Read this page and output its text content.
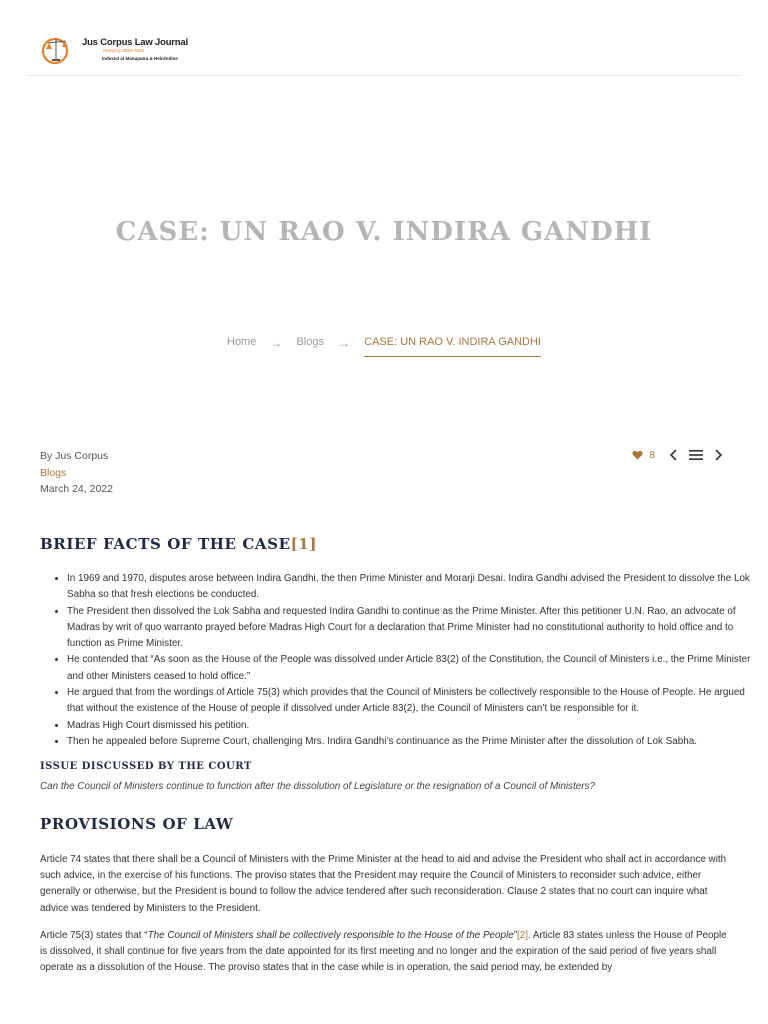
Jus Corpus Law Journal
ISSN(O): 2582-7820
Indexed at Manupatra & HeinOnline
CASE: UN RAO V. INDIRA GANDHI
Home → Blogs → CASE: UN RAO V. INDIRA GANDHI
By Jus Corpus
Blogs
March 24, 2022
8
BRIEF FACTS OF THE CASE[1]
• In 1969 and 1970, disputes arose between Indira Gandhi, the then Prime Minister and Morarji Desai. Indira Gandhi advised the President to dissolve the Lok Sabha so that fresh elections be conducted.
• The President then dissolved the Lok Sabha and requested Indira Gandhi to continue as the Prime Minister. After this petitioner U.N. Rao, an advocate of Madras by writ of quo warranto prayed before Madras High Court for a declaration that Prime Minister had no constitutional authority to hold office and to function as Prime Minister.
• He contended that “As soon as the House of the People was dissolved under Article 83(2) of the Constitution, the Council of Ministers i.e., the Prime Minister and other Ministers ceased to hold office.”
• He argued that from the wordings of Article 75(3) which provides that the Council of Ministers be collectively responsible to the House of People. He argued that without the existence of the House of people if dissolved under Article 83(2), the Council of Ministers can’t be responsible for it.
• Madras High Court dismissed his petition.
• Then he appealed before Supreme Court, challenging Mrs. Indira Gandhi’s continuance as the Prime Minister after the dissolution of Lok Sabha.
ISSUE DISCUSSED BY THE COURT
Can the Council of Ministers continue to function after the dissolution of Legislature or the resignation of a Council of Ministers?
PROVISIONS OF LAW

Article 74 states that there shall be a Council of Ministers with the Prime Minister at the head to aid and advise the President who shall act in accordance with such advice, in the exercise of his functions. The proviso states that the President may require the Council of Ministers to reconsider such advice, either generally or otherwise, but the President is bound to follow the advice tendered after such reconsideration. Clause 2 states that no court can inquire what advice was tendered by Ministers to the President.

Article 75(3) states that “The Council of Ministers shall be collectively responsible to the House of the People”[2]. Article 83 states unless the House of People is dissolved, it shall continue for five years from the date appointed for its first meeting and no longer and the expiration of the said period of five years shall operate as a dissolution of the House. The proviso states that in the case while is in operation, the said period may, be extended by
